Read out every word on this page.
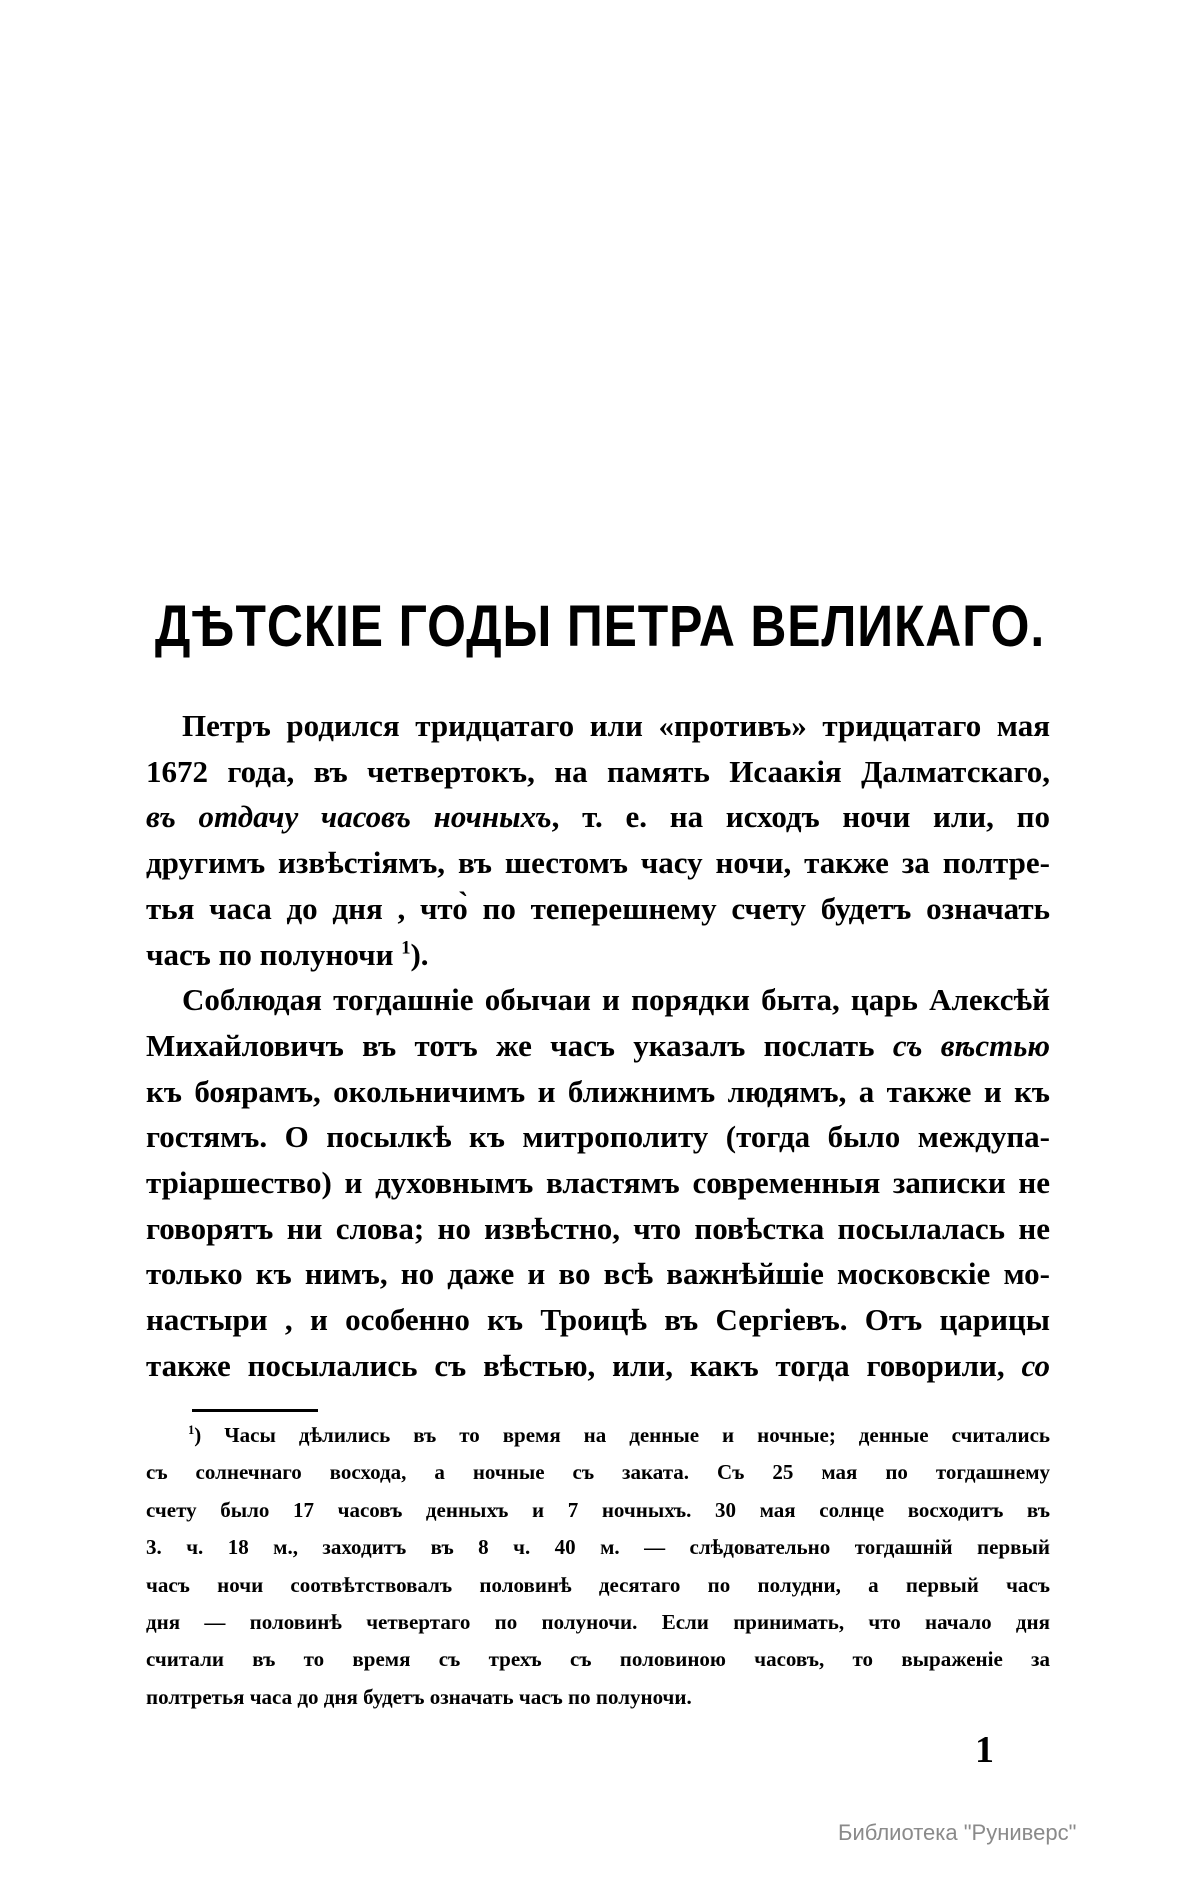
ДѢТСКІЕ ГОДЫ ПЕТРА ВЕЛИКАГО.
Петръ родился тридцатаго или «противъ» тридцатаго мая
1672 года, въ четвертокъ, на память Исаакія Далматскаго,
въ отдачу часовъ ночныхъ, т. е. на исходъ ночи или, по
другимъ извѣстіямъ, въ шестомъ часу ночи, также за полтре-
тья часа до дня , что̀ по теперешнему счету будетъ означать
часъ по полуночи $^1$).
Соблюдая тогдашніе обычаи и порядки быта, царь Алексѣй
Михайловичъ въ тотъ же часъ указалъ послать съ вѣстью
къ боярамъ, окольничимъ и ближнимъ людямъ, а также и къ
гостямъ. О посылкѣ къ митрополиту (тогда было междупа-
тріаршество) и духовнымъ властямъ современныя записки не
говорятъ ни слова; но извѣстно, что повѣстка посылалась не
только къ нимъ, но даже и во всѣ важнѣйшіе московскіе мо-
настыри , и особенно къ Троицѣ въ Сергіевъ. Отъ царицы
также посылались съ вѣстью, или, какъ тогда говорили, со
$^1$) Часы дѣлились въ то время на денные и ночные; денные считались
съ солнечнаго восхода, а ночные съ заката. Съ 25 мая по тогдашнему
счету было 17 часовъ денныхъ и 7 ночныхъ. 30 мая солнце восходитъ въ
3. ч. 18 м., заходитъ въ 8 ч. 40 м. — слѣдовательно тогдашній первый
часъ ночи соотвѣтствовалъ половинѣ десятаго по полудни, а первый часъ
дня — половинѣ четвертаго по полуночи. Если принимать, что начало дня
считали въ то время съ трехъ съ половиною часовъ, то выраженіе за
полтретья часа до дня будетъ означать часъ по полуночи.
1
Библиотека "Руниверс"
